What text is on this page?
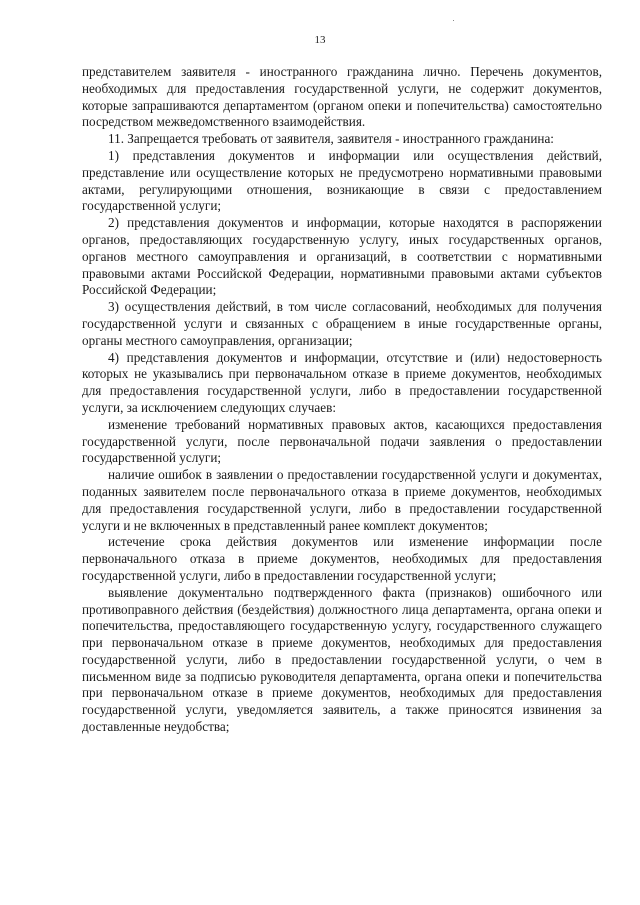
13

представителем заявителя - иностранного гражданина лично. Перечень документов, необходимых для предоставления государственной услуги, не содержит документов, которые запрашиваются департаментом (органом опеки и попечительства) самостоятельно посредством межведомственного взаимодействия.

11. Запрещается требовать от заявителя, заявителя - иностранного гражданина:

1) представления документов и информации или осуществления действий, представление или осуществление которых не предусмотрено нормативными правовыми актами, регулирующими отношения, возникающие в связи с предоставлением государственной услуги;

2) представления документов и информации, которые находятся в распоряжении органов, предоставляющих государственную услугу, иных государственных органов, органов местного самоуправления и организаций, в соответствии с нормативными правовыми актами Российской Федерации, нормативными правовыми актами субъектов Российской Федерации;

3) осуществления действий, в том числе согласований, необходимых для получения государственной услуги и связанных с обращением в иные государственные органы, органы местного самоуправления, организации;

4) представления документов и информации, отсутствие и (или) недостоверность которых не указывались при первоначальном отказе в приеме документов, необходимых для предоставления государственной услуги, либо в предоставлении государственной услуги, за исключением следующих случаев:

изменение требований нормативных правовых актов, касающихся предоставления государственной услуги, после первоначальной подачи заявления о предоставлении государственной услуги;

наличие ошибок в заявлении о предоставлении государственной услуги и документах, поданных заявителем после первоначального отказа в приеме документов, необходимых для предоставления государственной услуги, либо в предоставлении государственной услуги и не включенных в представленный ранее комплект документов;

истечение срока действия документов или изменение информации после первоначального отказа в приеме документов, необходимых для предоставления государственной услуги, либо в предоставлении государственной услуги;

выявление документально подтвержденного факта (признаков) ошибочного или противоправного действия (бездействия) должностного лица департамента, органа опеки и попечительства, предоставляющего государственную услугу, государственного служащего при первоначальном отказе в приеме документов, необходимых для предоставления государственной услуги, либо в предоставлении государственной услуги, о чем в письменном виде за подписью руководителя департамента, органа опеки и попечительства при первоначальном отказе в приеме документов, необходимых для предоставления государственной услуги, уведомляется заявитель, а также приносятся извинения за доставленные неудобства;
